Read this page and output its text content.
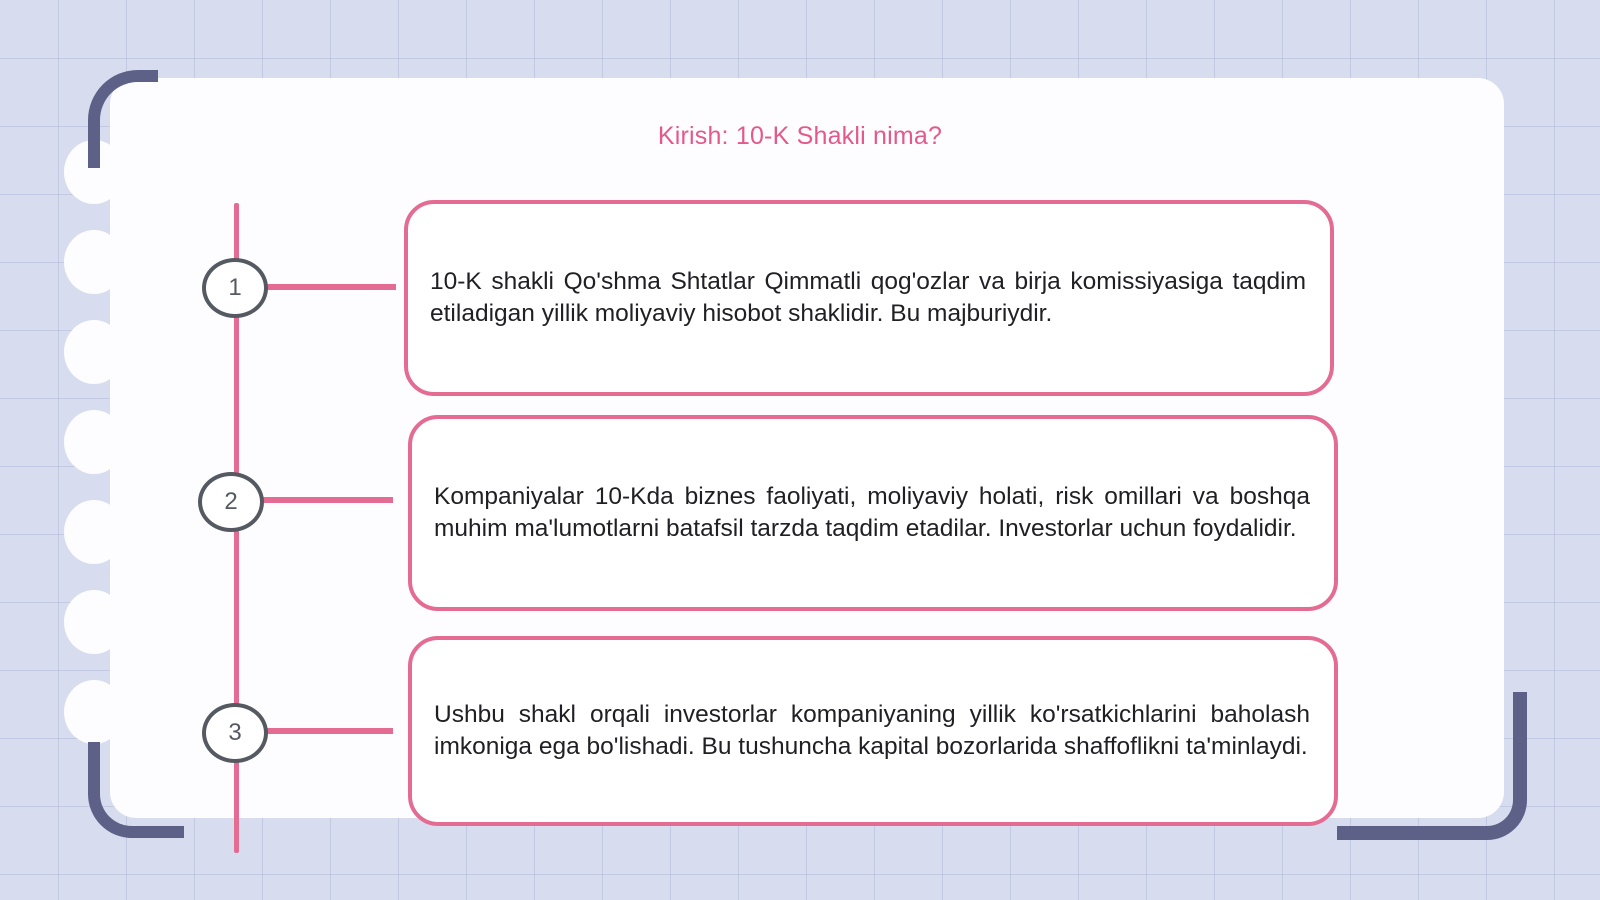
Kirish: 10-K Shakli nima?
1	10-K shakli Qo'shma Shtatlar Qimmatli qog'ozlar va birja komissiyasiga taqdim etiladigan yillik moliyaviy hisobot shaklidir. Bu majburiydir.

2	Kompaniyalar 10-Kda biznes faoliyati, moliyaviy holati, risk omillari va boshqa muhim ma'lumotlarni batafsil tarzda taqdim etadilar. Investorlar uchun foydalidir.

3

Ushbu shakl orqali investorlar kompaniyaning yillik ko'rsatkichlarini baholash imkoniga ega bo'lishadi. Bu tushuncha kapital bozorlarida shaffoflikni ta'minlaydi.
